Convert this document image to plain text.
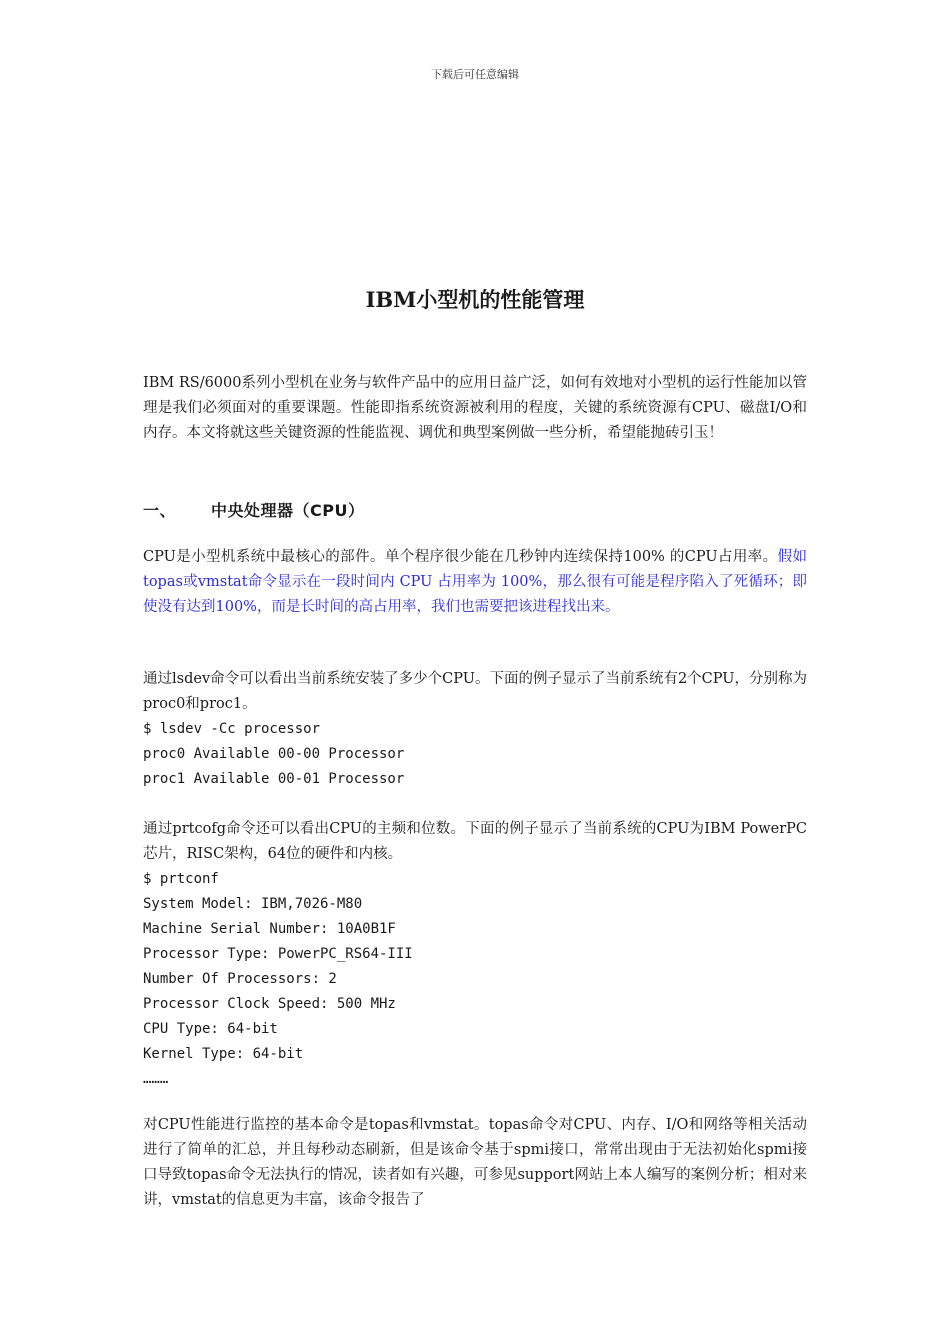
下载后可任意编辑
IBM小型机的性能管理

IBM RS/6000系列小型机在业务与软件产品中的应用日益广泛，如何有效地对小型机的运行性能加以管理是我们必须面对的重要课题。性能即指系统资源被利用的程度，关键的系统资源有CPU、磁盘I/O和内存。本文将就这些关键资源的性能监视、调优和典型案例做一些分析，希望能抛砖引玉！

一、 中央处理器（CPU）

CPU是小型机系统中最核心的部件。单个程序很少能在几秒钟内连续保持100% 的CPU占用率。假如topas或vmstat命令显示在一段时间内 CPU 占用率为 100%，那么很有可能是程序陷入了死循环；即使没有达到100%，而是长时间的高占用率，我们也需要把该进程找出来。

通过lsdev命令可以看出当前系统安装了多少个CPU。下面的例子显示了当前系统有2个CPU，分别称为proc0和proc1。

$ lsdev -Cc processor
proc0 Available 00-00 Processor
proc1 Available 00-01 Processor

通过prtcofg命令还可以看出CPU的主频和位数。下面的例子显示了当前系统的CPU为IBM PowerPC芯片，RISC架构，64位的硬件和内核。

$ prtconf
System Model: IBM,7026-M80
Machine Serial Number: 10A0B1F
Processor Type: PowerPC_RS64-III
Number Of Processors: 2
Processor Clock Speed: 500 MHz
CPU Type: 64-bit
Kernel Type: 64-bit
………

对CPU性能进行监控的基本命令是topas和vmstat。topas命令对CPU、内存、I/O和网络等相关活动进行了简单的汇总，并且每秒动态刷新，但是该命令基于spmi接口，常常出现由于无法初始化spmi接口导致topas命令无法执行的情况，读者如有兴趣，可参见support网站上本人编写的案例分析；相对来讲，vmstat的信息更为丰富，该命令报告了
